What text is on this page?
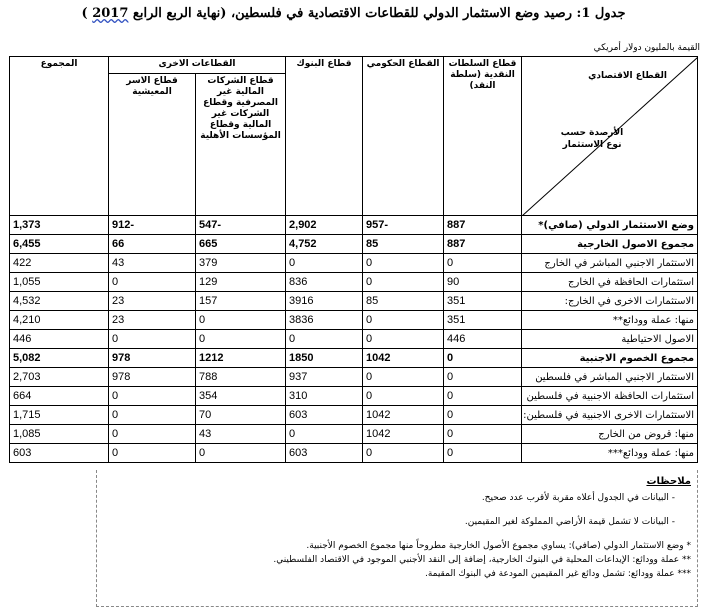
جدول 1: رصيد وضع الاستثمار الدولي للقطاعات الاقتصادية في فلسطين، (نهاية الربع الرابع 2017 )
القيمة بالمليون دولار أمريكي
القطاع الاقتصادي
الأرصدة حسب نوع الاستثمار	قطاع السلطات النقدية (سلطة النقد)	القطاع الحكومي	قطاع البنوك	القطاعات الاخرى		المجموع
				قطاع الشركات المالية غير المصرفية وقطاع الشركات غير المالية وقطاع المؤسسات الأهلية	قطاع الاسر المعيشية	
وضع الاستثمار الدولي (صافي)*	887	-957	2,902	-547	-912	1,373
مجموع الاصول الخارجية	887	85	4,752	665	66	6,455
الاستثمار الاجنبي المباشر في الخارج	0	0	0	379	43	422
استثمارات الحافظة في الخارج	90	0	836	129	0	1,055
الاستثمارات الاخرى في الخارج:	351	85	3916	157	23	4,532
منها: عملة وودائع**	351	0	3836	0	23	4,210
الاصول الاحتياطية	446	0	0	0	0	446
مجموع الخصوم الاجنبية	0	1042	1850	1212	978	5,082
الاستثمار الاجنبي المباشر في فلسطين	0	0	937	788	978	2,703
استثمارات الحافظة الاجنبية في فلسطين	0	0	310	354	0	664
الاستثمارات الاخرى الاجنبية في فلسطين:	0	1042	603	70	0	1,715
منها: قروض من الخارج	0	1042	0	43	0	1,085
منها: عملة وودائع***	0	0	603	0	0	603
ملاحظات
- البيانات في الجدول أعلاه مقربة لأقرب عدد صحيح.
- البيانات لا تشمل قيمة الأراضي المملوكة لغير المقيمين.

* وضع الاستثمار الدولي (صافي): يساوي مجموع الأصول الخارجية مطروحاً منها مجموع الخصوم الأجنبية.

** عملة وودائع: الإيداعات المحلية في البنوك الخارجية، إضافة إلى النقد الأجنبي الموجود في الاقتصاد الفلسطيني.

*** عملة وودائع: تشمل ودائع غير المقيمين المودعة في البنوك المقيمة.
